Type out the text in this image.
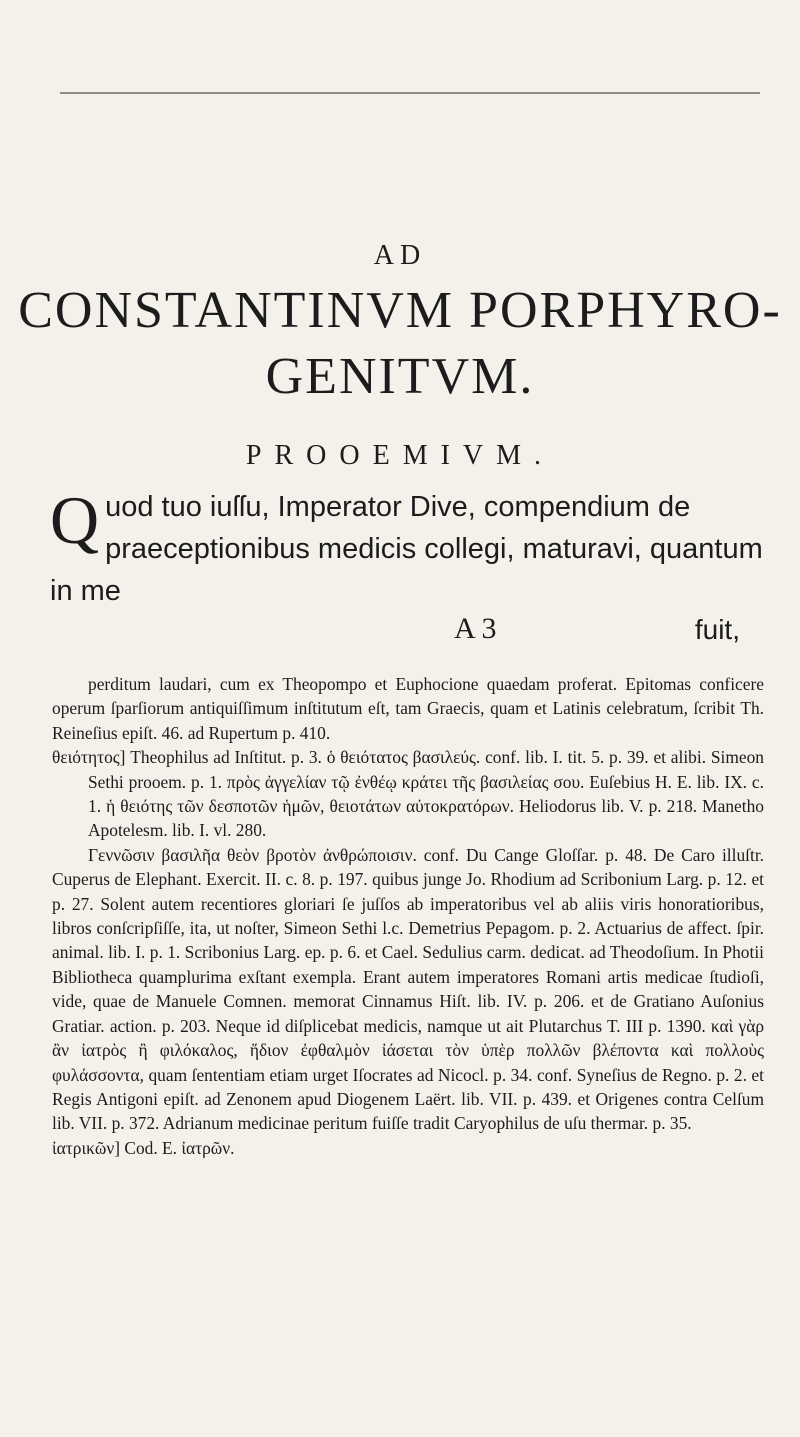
AD
CONSTANTINVM PORPHYRO-
GENITVM.
PROOEMIVM.
Q uod tuo iuſſu, Imperator Dive, compendium de praeceptionibus medicis collegi, maturavi, quantum in me
A 3	fuit,

perditum laudari, cum ex Theopompo et Euphocione quaedam proferat. Epitomas conficere operum ſparſiorum antiquiſſimum inſtitutum eſt, tam Graecis, quam et Latinis celebratum, ſcribit Th. Reineſius epiſt. 46. ad Rupertum p. 410.

θειότητος] Theophilus ad Inſtitut. p. 3. ὁ θειότατος βασιλεύς. conf. lib. I. tit. 5. p. 39. et alibi. Simeon Sethi prooem. p. 1. πρὸς ἀγγελίαν τῷ ἐνθέῳ κράτει τῆς βασιλείας σου. Euſebius H. E. lib. IX. c. 1. ἡ θειότης τῶν δεσποτῶν ἡμῶν, θειοτάτων αὐτοκρατόρων. Heliodorus lib. V. p. 218. Manetho Apotelesm. lib. I. vl. 280.

Γεννῶσιν βασιλῆα θεὸν βροτὸν ἀνθρώποισιν. conf. Du Cange Gloſſar. p. 48. De Caro illuſtr. Cuperus de Elephant. Exercit. II. c. 8. p. 197. quibus junge Jo. Rhodium ad Scribonium Larg. p. 12. et p. 27. Solent autem recentiores gloriari ſe juſſos ab imperatoribus vel ab aliis viris honoratioribus, libros conſcripſiſſe, ita, ut noſter, Simeon Sethi l.c. Demetrius Pepagom. p. 2. Actuarius de affect. ſpir. animal. lib. I. p. 1. Scribonius Larg. ep. p. 6. et Cael. Sedulius carm. dedicat. ad Theodoſium. In Photii Bibliotheca quamplurima exſtant exempla. Erant autem imperatores Romani artis medicae ſtudioſi, vide, quae de Manuele Comnen. memorat Cinnamus Hiſt. lib. IV. p. 206. et de Gratiano Auſonius Gratiar. action. p. 203. Neque id diſplicebat medicis, namque ut ait Plutarchus T. III p. 1390. καὶ γὰρ ἂν ἰατρὸς ἢ φιλόκαλος, ἥδιον ἐφθαλμὸν ἰάσεται τὸν ὑπὲρ πολλῶν βλέποντα καὶ πολλοὺς φυλάσσοντα, quam ſententiam etiam urget Iſocrates ad Nicocl. p. 34. conf. Syneſius de Regno. p. 2. et Regis Antigoni epiſt. ad Zenonem apud Diogenem Laërt. lib. VII. p. 439. et Origenes contra Celſum lib. VII. p. 372. Adrianum medicinae peritum fuiſſe tradit Caryophilus de uſu thermar. p. 35.

ἰατρικῶν] Cod. E. ἰατρῶν.
